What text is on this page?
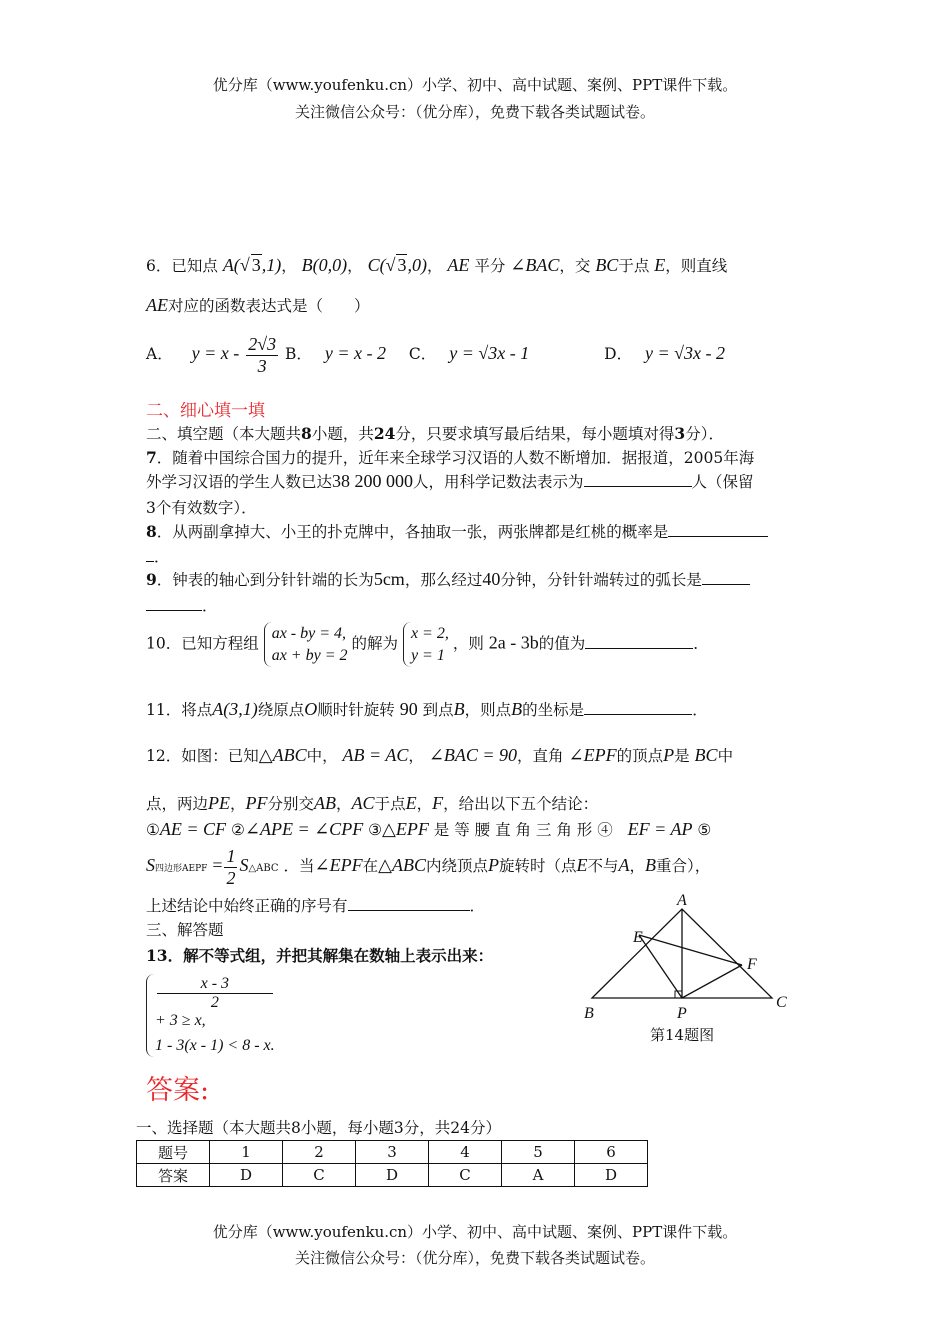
优分库（www.youfenku.cn）小学、初中、高中试题、案例、PPT课件下载。
关注微信公众号：（优分库），免费下载各类试题试卷。
6．已知点 A(√ 3,1)， B(0,0)， C(√ 3,0)， AE 平分 ∠BAC，交 BC于点 E，则直线
AE对应的函数表达式是（　　）
A． $y = x - \frac{2√3}{3}$ B． y = x - 2 C． y = √3x - 1	D． y = √3x - 2
二、细心填一填
二、填空题（本大题共8小题，共24分，只要求填写最后结果，每小题填对得3分）．
7．随着中国综合国力的提升，近年来全球学习汉语的人数不断增加．据报道，2005年海
外学习汉语的学生人数已达38 200 000人，用科学记数法表示为	人（保留
3个有效数字）．
8．从两副拿掉大、小王的扑克牌中，各抽取一张，两张牌都是红桃的概率是
．
9．钟表的轴心到分针针端的长为5cm，那么经过40分钟，分针针端转过的弧长是
．
10．已知方程组
ax - by = 4,
ax + by = 2
的解为
x = 2,
y = 1
，则 2a - 3b的值为	．
11．将点A(3,1)绕原点O顺时针旋转 90 到点B，则点B的坐标是	．
12．如图：已知△ABC中， AB = AC， ∠BAC = 90，直角 ∠EPF的顶点P是 BC中
点，两边PE，PF分别交AB，AC于点E，F，给出以下五个结论：
①AE = CF ②∠APE = ∠CPF ③△EPF 是 等 腰 直 角 三 角 形 ④ EF = AP ⑤
S四边形AEPF = $\frac{1}{2}$ S△ABC ．当∠EPF在△ABC内绕顶点P旋转时（点E不与A，B重合），
上述结论中始终正确的序号有	．
三、解答题
13．解不等式组，并把其解集在数轴上表示出来：
x - 3
2
+ 3 ≥ x,
1 - 3(x - 1) < 8 - x.
A
B
C
E
F
P
第14题图
答案:
一、选择题（本大题共8小题，每小题3分，共24分）
题号	1	2	3	4	5	6
答案	D	C	D	C	A	D
优分库（www.youfenku.cn）小学、初中、高中试题、案例、PPT课件下载。
关注微信公众号：（优分库），免费下载各类试题试卷。
